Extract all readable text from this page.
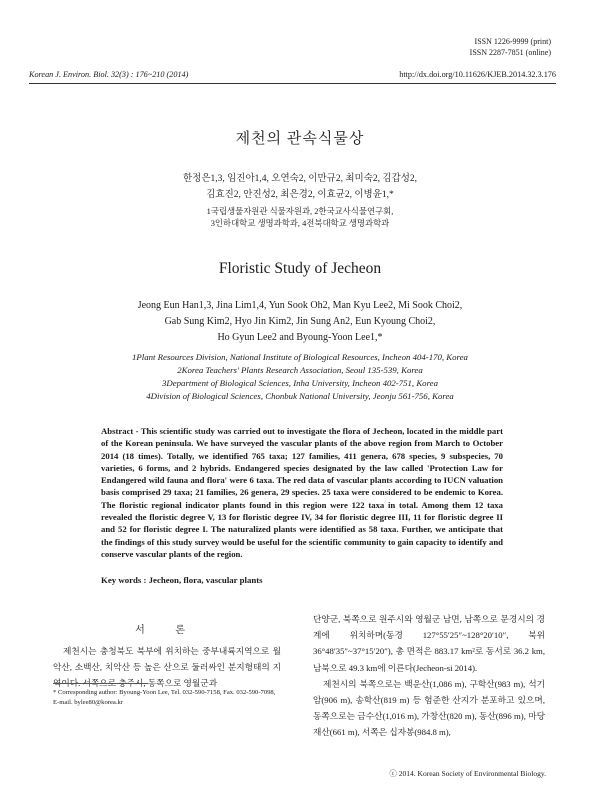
ISSN 1226-9999 (print)
ISSN 2287-7851 (online)
Korean J. Environ. Biol. 32(3) : 176~210 (2014)	http://dx.doi.org/10.11626/KJEB.2014.32.3.176
제천의 관속식물상
한정은1,3, 임진아1,4, 오연숙2, 이만규2, 최미숙2, 김갑성2,
김효진2, 안진성2, 최은경2, 이효균2, 이병윤1,*
1국립생물자원관 식물자원과, 2한국교사식물연구회,
3인하대학교 생명과학과, 4전북대학교 생명과학과
Floristic Study of Jecheon
Jeong Eun Han1,3, Jina Lim1,4, Yun Sook Oh2, Man Kyu Lee2, Mi Sook Choi2,
Gab Sung Kim2, Hyo Jin Kim2, Jin Sung An2, Eun Kyoung Choi2,
Ho Gyun Lee2 and Byoung-Yoon Lee1,*
1Plant Resources Division, National Institute of Biological Resources, Incheon 404-170, Korea
2Korea Teachers' Plants Research Association, Seoul 135-539, Korea
3Department of Biological Sciences, Inha University, Incheon 402-751, Korea
4Division of Biological Sciences, Chonbuk National University, Jeonju 561-756, Korea
Abstract - This scientific study was carried out to investigate the flora of Jecheon, located in the middle part of the Korean peninsula. We have surveyed the vascular plants of the above region from March to October 2014 (18 times). Totally, we identified 765 taxa; 127 families, 411 genera, 678 species, 9 subspecies, 70 varieties, 6 forms, and 2 hybrids. Endangered species designated by the law called 'Protection Law for Endangered wild fauna and flora' were 6 taxa. The red data of vascular plants according to IUCN valuation basis comprised 29 taxa; 21 families, 26 genera, 29 species. 25 taxa were considered to be endemic to Korea. The floristic regional indicator plants found in this region were 122 taxa in total. Among them 12 taxa revealed the floristic degree V, 13 for floristic degree IV, 34 for floristic degree III, 11 for floristic degree II and 52 for floristic degree I. The naturalized plants were identified as 58 taxa. Further, we anticipate that the findings of this study survey would be useful for the scientific community to gain capacity to identify and conserve vascular plants of the region.
Key words : Jecheon, flora, vascular plants
서 론

제천시는 충청북도 북부에 위치하는 중부내륙지역으로 월악산, 소백산, 치악산 등 높은 산으로 둘러싸인 분지형태의 지역이다. 서쪽으로 충주시, 동쪽으로 영월군과

* Corresponding author: Byoung-Yoon Lee, Tel. 032-590-7158, Fax. 032-590-7098, E-mail. bylee80@korea.kr

단양군, 북쪽으로 원주시와 영월군 남면, 남쪽으로 문경시의 경계에 위치하며(동경 127°55′25″~128°20′10″, 북위 36°48′35″~37°15′20″), 총 면적은 883.17 km²로 동서로 36.2 km, 남북으로 49.3 km에 이른다(Jecheon-si 2014).

제천시의 북쪽으로는 백운산(1,086 m), 구학산(983 m), 석기암(906 m), 송학산(819 m) 등 험준한 산지가 분포하고 있으며, 동쪽으로는 금수산(1,016 m), 가창산(820 m), 동산(896 m), 마당재산(661 m), 서쪽은 십자봉(984.8 m),

ⓒ 2014. Korean Society of Environmental Biology.
